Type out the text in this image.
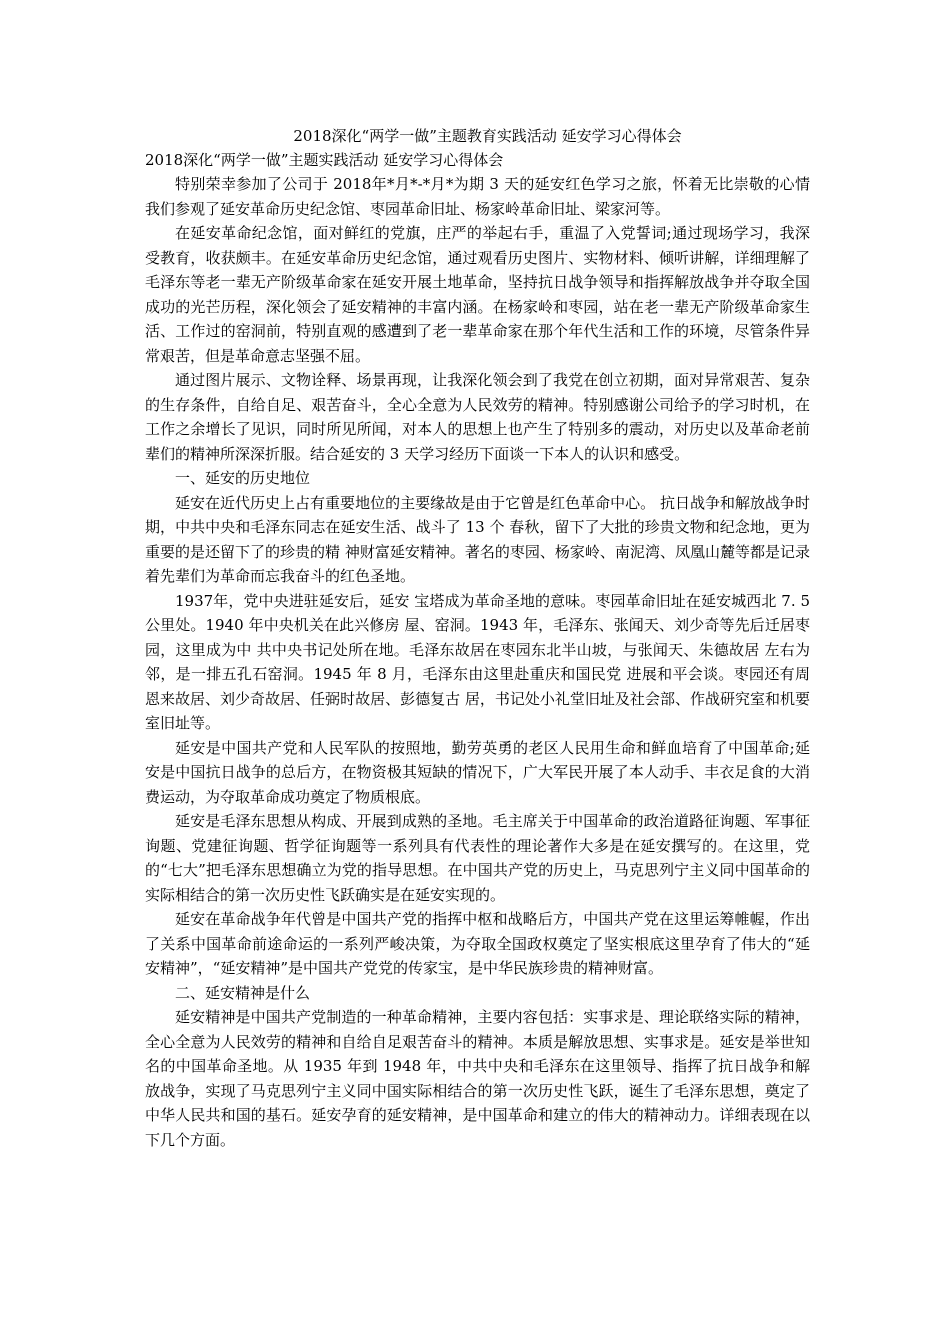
2018深化“两学一做”主题教育实践活动 延安学习心得体会

2018深化“两学一做”主题实践活动 延安学习心得体会

特别荣幸参加了公司于 2018年*月*-*月*为期 3 天的延安红色学习之旅，怀着无比崇敬的心情我们参观了延安革命历史纪念馆、枣园革命旧址、杨家岭革命旧址、梁家河等。

在延安革命纪念馆，面对鲜红的党旗，庄严的举起右手，重温了入党誓词;通过现场学习，我深受教育，收获颇丰。在延安革命历史纪念馆，通过观看历史图片、实物材料、倾听讲解，详细理解了毛泽东等老一辈无产阶级革命家在延安开展土地革命，坚持抗日战争领导和指挥解放战争并夺取全国成功的光芒历程，深化领会了延安精神的丰富内涵。在杨家岭和枣园，站在老一辈无产阶级革命家生活、工作过的窑洞前，特别直观的感遭到了老一辈革命家在那个年代生活和工作的环境，尽管条件异常艰苦，但是革命意志坚强不屈。

通过图片展示、文物诠释、场景再现，让我深化领会到了我党在创立初期，面对异常艰苦、复杂的生存条件，自给自足、艰苦奋斗，全心全意为人民效劳的精神。特别感谢公司给予的学习时机，在工作之余增长了见识，同时所见所闻，对本人的思想上也产生了特别多的震动，对历史以及革命老前辈们的精神所深深折服。结合延安的 3 天学习经历下面谈一下本人的认识和感受。

一、延安的历史地位

延安在近代历史上占有重要地位的主要缘故是由于它曾是红色革命中心。 抗日战争和解放战争时期，中共中央和毛泽东同志在延安生活、战斗了 13 个 春秋，留下了大批的珍贵文物和纪念地，更为重要的是还留下了的珍贵的精 神财富延安精神。著名的枣园、杨家岭、南泥湾、凤凰山麓等都是记录 着先辈们为革命而忘我奋斗的红色圣地。

1937年，党中央进驻延安后，延安 宝塔成为革命圣地的意味。枣园革命旧址在延安城西北 7. 5 公里处。1940 年中央机关在此兴修房 屋、窑洞。1943 年，毛泽东、张闻天、刘少奇等先后迁居枣园，这里成为中 共中央书记处所在地。毛泽东故居在枣园东北半山坡，与张闻天、朱德故居 左右为邻，是一排五孔石窑洞。1945 年 8 月，毛泽东由这里赴重庆和国民党 进展和平会谈。枣园还有周恩来故居、刘少奇故居、任弼时故居、彭德复古 居，书记处小礼堂旧址及社会部、作战研究室和机要室旧址等。

延安是中国共产党和人民军队的按照地，勤劳英勇的老区人民用生命和鲜血培育了中国革命;延安是中国抗日战争的总后方，在物资极其短缺的情况下，广大军民开展了本人动手、丰衣足食的大消费运动，为夺取革命成功奠定了物质根底。

延安是毛泽东思想从构成、开展到成熟的圣地。毛主席关于中国革命的政治道路征询题、军事征询题、党建征询题、哲学征询题等一系列具有代表性的理论著作大多是在延安撰写的。在这里，党的“七大”把毛泽东思想确立为党的指导思想。在中国共产党的历史上，马克思列宁主义同中国革命的实际相结合的第一次历史性飞跃确实是在延安实现的。

延安在革命战争年代曾是中国共产党的指挥中枢和战略后方，中国共产党在这里运筹帷幄，作出了关系中国革命前途命运的一系列严峻决策，为夺取全国政权奠定了坚实根底这里孕育了伟大的“延安精神”，“延安精神”是中国共产党党的传家宝，是中华民族珍贵的精神财富。

二、延安精神是什么

延安精神是中国共产党制造的一种革命精神，主要内容包括：实事求是、理论联络实际的精神，全心全意为人民效劳的精神和自给自足艰苦奋斗的精神。本质是解放思想、实事求是。延安是举世知名的中国革命圣地。从 1935 年到 1948 年，中共中央和毛泽东在这里领导、指挥了抗日战争和解放战争，实现了马克思列宁主义同中国实际相结合的第一次历史性飞跃，诞生了毛泽东思想，奠定了中华人民共和国的基石。延安孕育的延安精神，是中国革命和建立的伟大的精神动力。详细表现在以下几个方面。
